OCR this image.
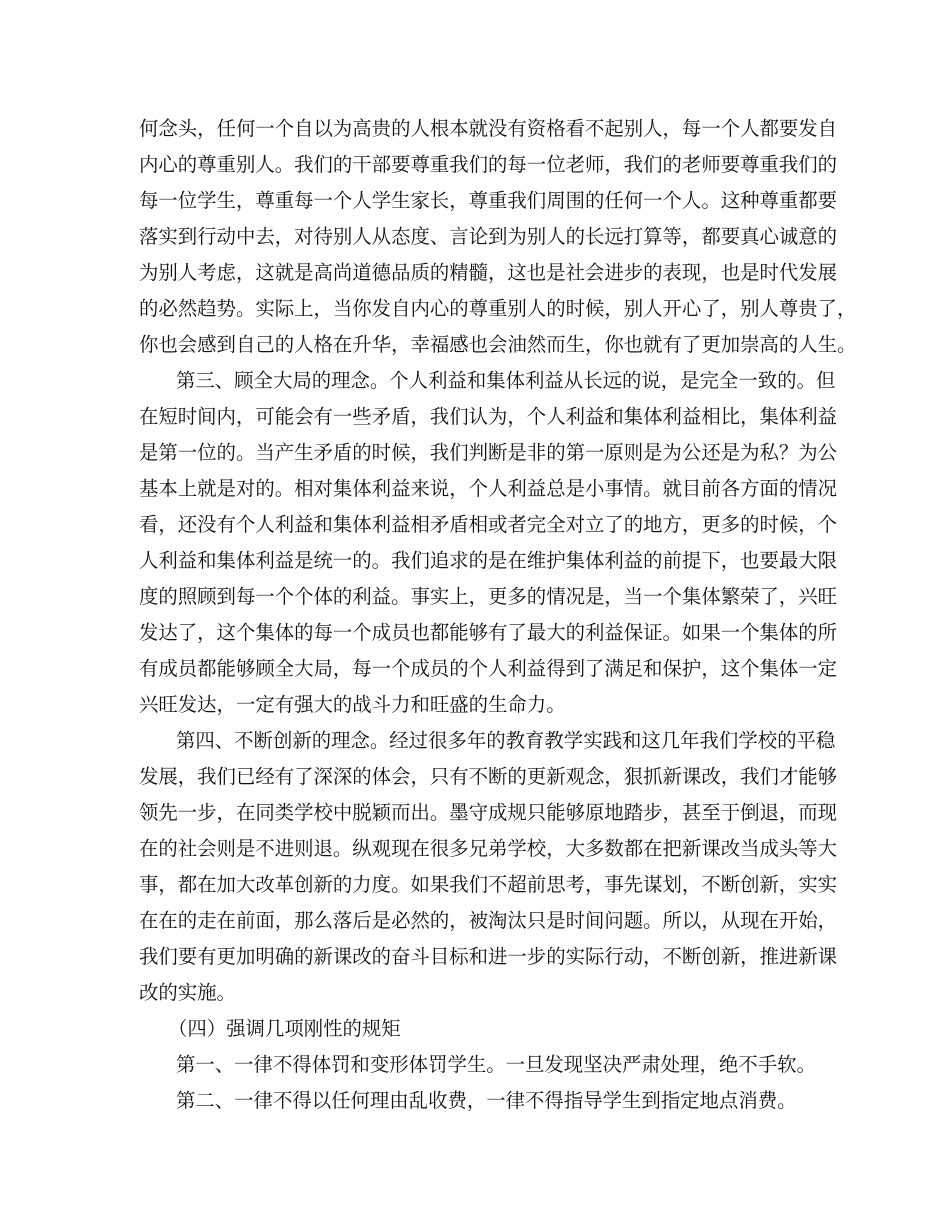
何念头，任何一个自以为高贵的人根本就没有资格看不起别人，每一个人都要发自
内心的尊重别人。我们的干部要尊重我们的每一位老师，我们的老师要尊重我们的
每一位学生，尊重每一个人学生家长，尊重我们周围的任何一个人。这种尊重都要
落实到行动中去，对待别人从态度、言论到为别人的长远打算等，都要真心诚意的
为别人考虑，这就是高尚道德品质的精髓，这也是社会进步的表现，也是时代发展
的必然趋势。实际上，当你发自内心的尊重别人的时候，别人开心了，别人尊贵了，
你也会感到自己的人格在升华，幸福感也会油然而生，你也就有了更加崇高的人生。
第三、顾全大局的理念。个人利益和集体利益从长远的说，是完全一致的。但
在短时间内，可能会有一些矛盾，我们认为，个人利益和集体利益相比，集体利益
是第一位的。当产生矛盾的时候，我们判断是非的第一原则是为公还是为私？为公
基本上就是对的。相对集体利益来说，个人利益总是小事情。就目前各方面的情况
看，还没有个人利益和集体利益相矛盾相或者完全对立了的地方，更多的时候，个
人利益和集体利益是统一的。我们追求的是在维护集体利益的前提下，也要最大限
度的照顾到每一个个体的利益。事实上，更多的情况是，当一个集体繁荣了，兴旺
发达了，这个集体的每一个成员也都能够有了最大的利益保证。如果一个集体的所
有成员都能够顾全大局，每一个成员的个人利益得到了满足和保护，这个集体一定
兴旺发达，一定有强大的战斗力和旺盛的生命力。
第四、不断创新的理念。经过很多年的教育教学实践和这几年我们学校的平稳
发展，我们已经有了深深的体会，只有不断的更新观念，狠抓新课改，我们才能够
领先一步，在同类学校中脱颖而出。墨守成规只能够原地踏步，甚至于倒退，而现
在的社会则是不进则退。纵观现在很多兄弟学校，大多数都在把新课改当成头等大
事，都在加大改革创新的力度。如果我们不超前思考，事先谋划，不断创新，实实
在在的走在前面，那么落后是必然的，被淘汰只是时间问题。所以，从现在开始，
我们要有更加明确的新课改的奋斗目标和进一步的实际行动，不断创新，推进新课
改的实施。
（四）强调几项刚性的规矩
第一、一律不得体罚和变形体罚学生。一旦发现坚决严肃处理，绝不手软。
第二、一律不得以任何理由乱收费，一律不得指导学生到指定地点消费。
